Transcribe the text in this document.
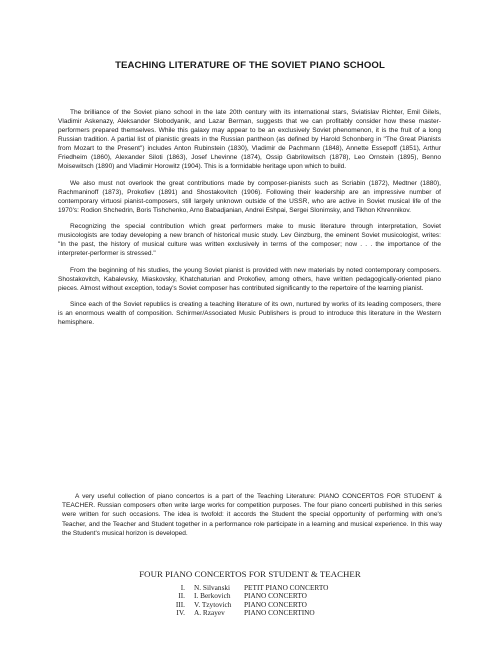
TEACHING LITERATURE OF THE SOVIET PIANO SCHOOL

The brilliance of the Soviet piano school in the late 20th century with its international stars, Sviatislav Richter, Emil Gilels, Vladimir Askenazy, Aleksander Slobodyanik, and Lazar Berman, suggests that we can profitably consider how these master-performers prepared themselves. While this galaxy may appear to be an exclusively Soviet phenomenon, it is the fruit of a long Russian tradition. A partial list of pianistic greats in the Russian pantheon (as defined by Harold Schonberg in "The Great Pianists from Mozart to the Present") includes Anton Rubinstein (1830), Vladimir de Pachmann (1848), Annette Essepoff (1851), Arthur Friedheim (1860), Alexander Siloti (1863), Josef Lhevinne (1874), Ossip Gabrilowitsch (1878), Leo Ornstein (1895), Benno Moisewitsch (1890) and Vladimir Horowitz (1904). This is a formidable heritage upon which to build.

We also must not overlook the great contributions made by composer-pianists such as Scriabin (1872), Medtner (1880), Rachmaninoff (1873), Prokofiev (1891) and Shostakovitch (1906). Following their leadership are an impressive number of contemporary virtuosi pianist-composers, still largely unknown outside of the USSR, who are active in Soviet musical life of the 1970's: Rodion Shchedrin, Boris Tishchenko, Arno Babadjanian, Andrei Eshpai, Sergei Slonimsky, and Tikhon Khrennikov.

Recognizing the special contribution which great performers make to music literature through interpretation, Soviet musicologists are today developing a new branch of historical music study. Lev Ginzburg, the eminent Soviet musicologist, writes: "In the past, the history of musical culture was written exclusively in terms of the composer; now . . . the importance of the interpreter-performer is stressed."

From the beginning of his studies, the young Soviet pianist is provided with new materials by noted contemporary composers. Shostakovitch, Kabalevsky, Miaskovsky, Khatchaturian and Prokofiev, among others, have written pedagogically-oriented piano pieces. Almost without exception, today's Soviet composer has contributed significantly to the repertoire of the learning pianist.

Since each of the Soviet republics is creating a teaching literature of its own, nurtured by works of its leading composers, there is an enormous wealth of composition. Schirmer/Associated Music Publishers is proud to introduce this literature in the Western hemisphere.

A very useful collection of piano concertos is a part of the Teaching Literature: PIANO CONCERTOS FOR STUDENT & TEACHER. Russian composers often write large works for competition purposes. The four piano concerti published in this series were written for such occasions. The idea is twofold: it accords the Student the special opportunity of performing with one's Teacher, and the Teacher and Student together in a performance role participate in a learning and musical experience. In this way the Student's musical horizon is developed.

FOUR PIANO CONCERTOS FOR STUDENT & TEACHER
I. N. Silvanski PETIT PIANO CONCERTO
II. I. Berkovich PIANO CONCERTO
III. V. Tzytovich PIANO CONCERTO
IV. A. Rzayev	PIANO CONCERTINO
